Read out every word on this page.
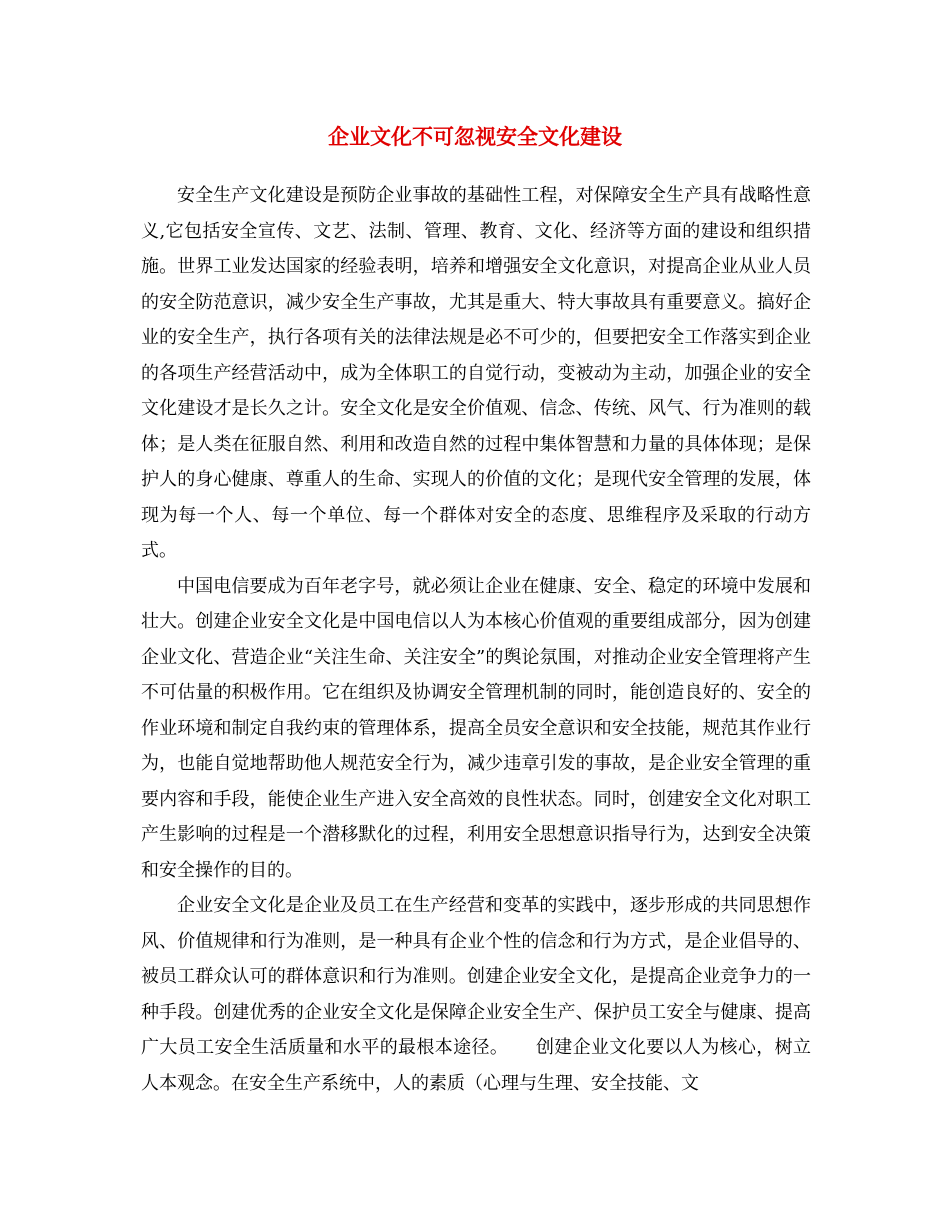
企业文化不可忽视安全文化建设

安全生产文化建设是预防企业事故的基础性工程，对保障安全生产具有战略性意义,它包括安全宣传、文艺、法制、管理、教育、文化、经济等方面的建设和组织措施。世界工业发达国家的经验表明，培养和增强安全文化意识，对提高企业从业人员的安全防范意识，减少安全生产事故，尤其是重大、特大事故具有重要意义。搞好企业的安全生产，执行各项有关的法律法规是必不可少的，但要把安全工作落实到企业的各项生产经营活动中，成为全体职工的自觉行动，变被动为主动，加强企业的安全文化建设才是长久之计。安全文化是安全价值观、信念、传统、风气、行为准则的载体；是人类在征服自然、利用和改造自然的过程中集体智慧和力量的具体体现；是保护人的身心健康、尊重人的生命、实现人的价值的文化；是现代安全管理的发展，体现为每一个人、每一个单位、每一个群体对安全的态度、思维程序及采取的行动方式。

中国电信要成为百年老字号，就必须让企业在健康、安全、稳定的环境中发展和壮大。创建企业安全文化是中国电信以人为本核心价值观的重要组成部分，因为创建企业文化、营造企业“关注生命、关注安全”的舆论氛围，对推动企业安全管理将产生不可估量的积极作用。它在组织及协调安全管理机制的同时，能创造良好的、安全的作业环境和制定自我约束的管理体系，提高全员安全意识和安全技能，规范其作业行为，也能自觉地帮助他人规范安全行为，减少违章引发的事故，是企业安全管理的重要内容和手段，能使企业生产进入安全高效的良性状态。同时，创建安全文化对职工产生影响的过程是一个潜移默化的过程，利用安全思想意识指导行为，达到安全决策和安全操作的目的。

企业安全文化是企业及员工在生产经营和变革的实践中，逐步形成的共同思想作风、价值规律和行为准则，是一种具有企业个性的信念和行为方式，是企业倡导的、被员工群众认可的群体意识和行为准则。创建企业安全文化，是提高企业竞争力的一种手段。创建优秀的企业安全文化是保障企业安全生产、保护员工安全与健康、提高广大员工安全生活质量和水平的最根本途径。　　创建企业文化要以人为核心，树立人本观念。在安全生产系统中，人的素质（心理与生理、安全技能、文
